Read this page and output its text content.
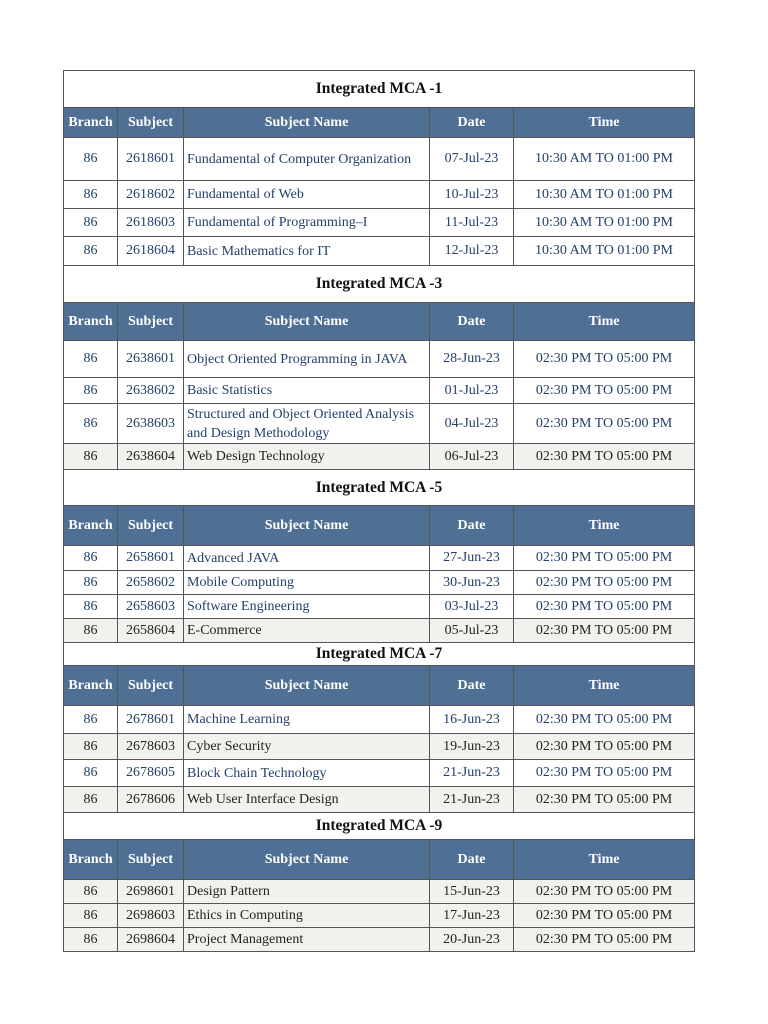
Integrated MCA -1				
Branch	Subject	Subject Name	Date	Time
86	2618601	Fundamental of Computer Organization	07-Jul-23	10:30 AM TO 01:00 PM
86	2618602	Fundamental of Web	10-Jul-23	10:30 AM TO 01:00 PM
86	2618603	Fundamental of Programming–I	11-Jul-23	10:30 AM TO 01:00 PM
86	2618604	Basic Mathematics for IT	12-Jul-23	10:30 AM TO 01:00 PM
Integrated MCA -3				
Branch	Subject	Subject Name	Date	Time
86	2638601	Object Oriented Programming in JAVA	28-Jun-23	02:30 PM TO 05:00 PM
86	2638602	Basic Statistics	01-Jul-23	02:30 PM TO 05:00 PM
86	2638603	Structured and Object Oriented Analysis and Design Methodology	04-Jul-23	02:30 PM TO 05:00 PM
86	2638604	Web Design Technology	06-Jul-23	02:30 PM TO 05:00 PM
Integrated MCA -5				
Branch	Subject	Subject Name	Date	Time
86	2658601	Advanced JAVA	27-Jun-23	02:30 PM TO 05:00 PM
86	2658602	Mobile Computing	30-Jun-23	02:30 PM TO 05:00 PM
86	2658603	Software Engineering	03-Jul-23	02:30 PM TO 05:00 PM
86	2658604	E-Commerce	05-Jul-23	02:30 PM TO 05:00 PM
Integrated MCA -7				
Branch	Subject	Subject Name	Date	Time
86	2678601	Machine Learning	16-Jun-23	02:30 PM TO 05:00 PM
86	2678603	Cyber Security	19-Jun-23	02:30 PM TO 05:00 PM
86	2678605	Block Chain Technology	21-Jun-23	02:30 PM TO 05:00 PM
86	2678606	Web User Interface Design	21-Jun-23	02:30 PM TO 05:00 PM
Integrated MCA -9				
Branch	Subject	Subject Name	Date	Time
86	2698601	Design Pattern	15-Jun-23	02:30 PM TO 05:00 PM
86	2698603	Ethics in Computing	17-Jun-23	02:30 PM TO 05:00 PM
86	2698604	Project Management	20-Jun-23	02:30 PM TO 05:00 PM
